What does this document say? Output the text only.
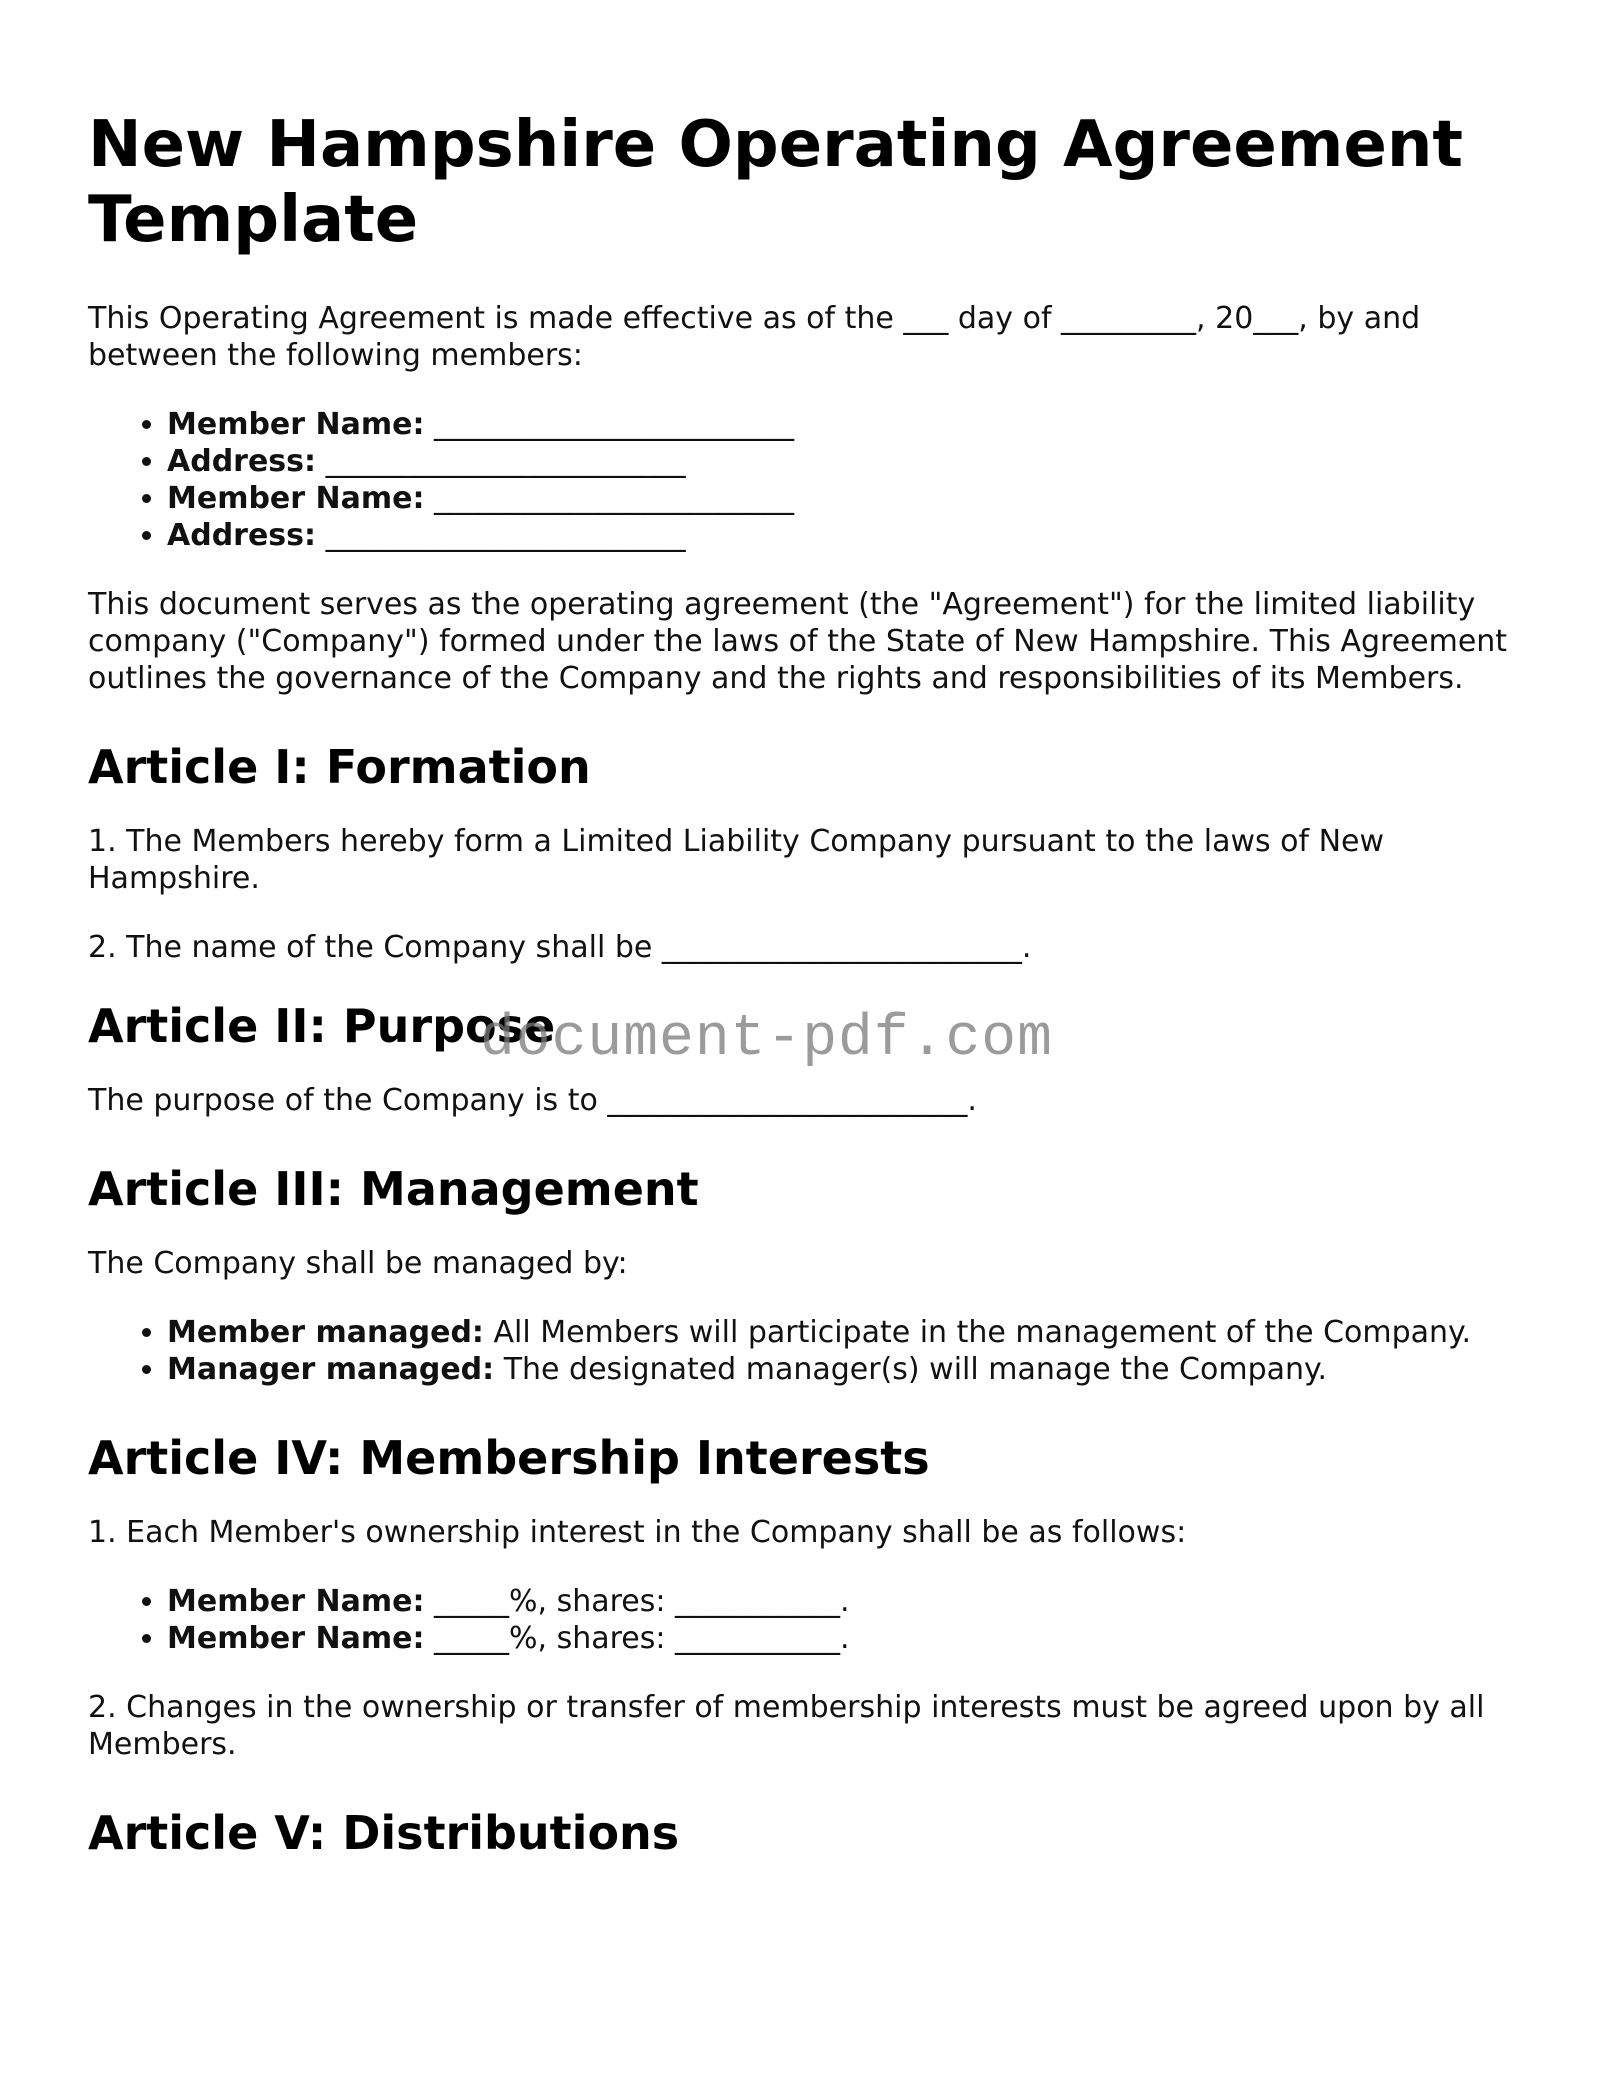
New Hampshire Operating Agreement Template

This Operating Agreement is made effective as of the ___ day of _________, 20___, by and between the following members:

• Member Name: ________________________
• Address: ________________________
• Member Name: ________________________
• Address: ________________________

This document serves as the operating agreement (the "Agreement") for the limited liability company ("Company") formed under the laws of the State of New Hampshire. This Agreement outlines the governance of the Company and the rights and responsibilities of its Members.

Article I: Formation

1. The Members hereby form a Limited Liability Company pursuant to the laws of New Hampshire.

2. The name of the Company shall be ________________________.

Article II: Purpose

The purpose of the Company is to ________________________.

Article III: Management

The Company shall be managed by:

• Member managed: All Members will participate in the management of the Company.
• Manager managed: The designated manager(s) will manage the Company.
Article IV: Membership Interests

1. Each Member's ownership interest in the Company shall be as follows:

• Member Name: _____%, shares: ___________.
• Member Name: _____%, shares: ___________.

2. Changes in the ownership or transfer of membership interests must be agreed upon by all Members.

Article V: Distributions
document-pdf.com
